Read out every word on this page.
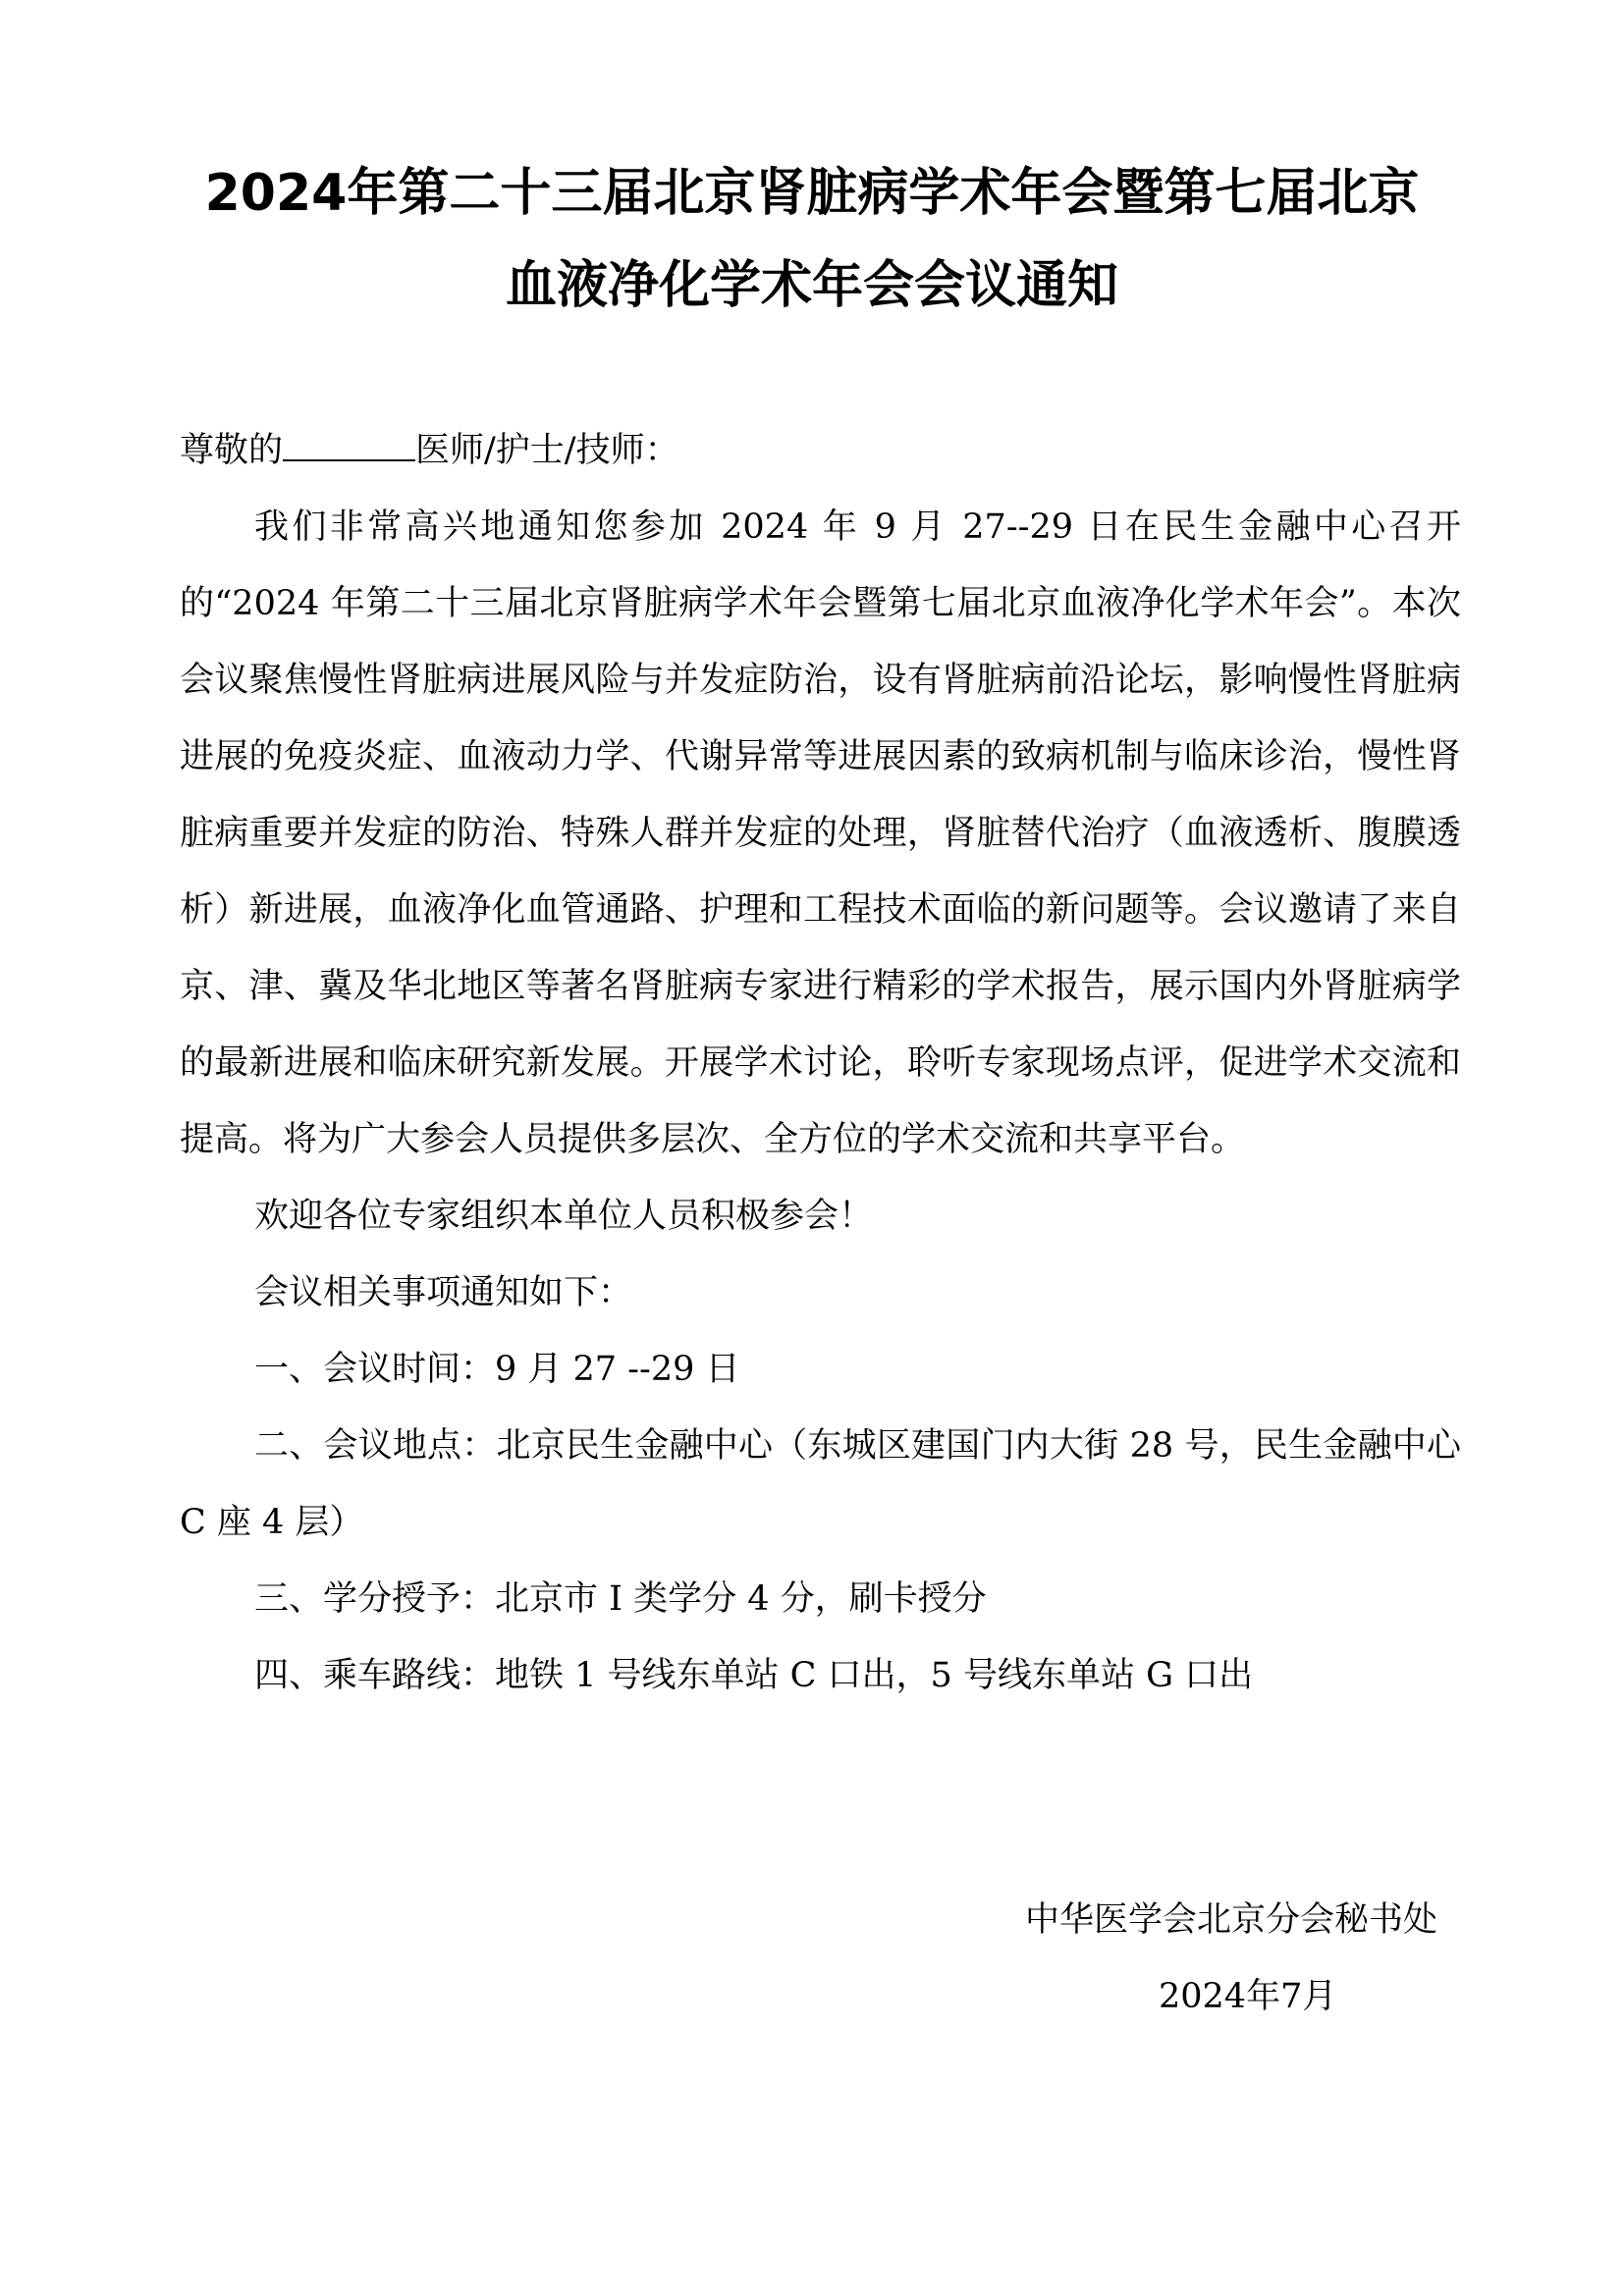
2024年第二十三届北京肾脏病学术年会暨第七届北京
血液净化学术年会会议通知

尊敬的	医师/护士/技师：

我们非常高兴地通知您参加 2024 年 9 月 27--29 日在民生金融中心召开的“2024 年第二十三届北京肾脏病学术年会暨第七届北京血液净化学术年会”。本次会议聚焦慢性肾脏病进展风险与并发症防治，设有肾脏病前沿论坛，影响慢性肾脏病进展的免疫炎症、血液动力学、代谢异常等进展因素的致病机制与临床诊治，慢性肾脏病重要并发症的防治、特殊人群并发症的处理，肾脏替代治疗（血液透析、腹膜透析）新进展，血液净化血管通路、护理和工程技术面临的新问题等。会议邀请了来自京、津、冀及华北地区等著名肾脏病专家进行精彩的学术报告，展示国内外肾脏病学的最新进展和临床研究新发展。开展学术讨论，聆听专家现场点评，促进学术交流和提高。将为广大参会人员提供多层次、全方位的学术交流和共享平台。

欢迎各位专家组织本单位人员积极参会！

会议相关事项通知如下：

一、会议时间：9 月 27 --29 日

二、会议地点：北京民生金融中心（东城区建国门内大街 28 号，民生金融中心 C 座 4 层）

三、学分授予：北京市 I 类学分 4 分，刷卡授分

四、乘车路线：地铁 1 号线东单站 C 口出，5 号线东单站 G 口出

中华医学会北京分会秘书处
2024年7月
